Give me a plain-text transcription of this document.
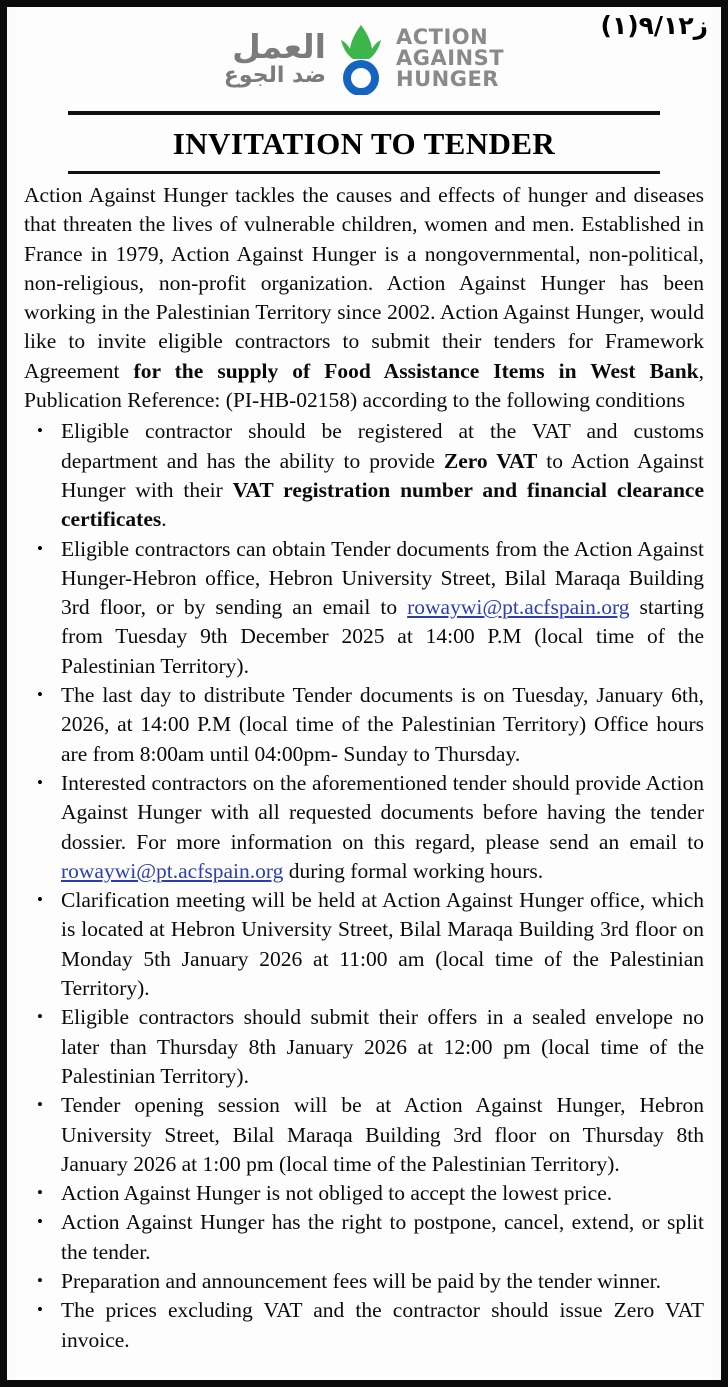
ز٩/١٢(١)
العمل
ضد الجوع
ACTION
AGAINST
HUNGER
INVITATION TO TENDER

Action Against Hunger tackles the causes and effects of hunger and diseases that threaten the lives of vulnerable children, women and men. Established in France in 1979, Action Against Hunger is a nongovernmental, non-political, non-religious, non-profit organization. Action Against Hunger has been working in the Palestinian Territory since 2002. Action Against Hunger, would like to invite eligible contractors to submit their tenders for Framework Agreement for the supply of Food Assistance Items in West Bank, Publication Reference: (PI-HB-02158) according to the following conditions

• Eligible contractor should be registered at the VAT and customs department and has the ability to provide Zero VAT to Action Against Hunger with their VAT registration number and financial clearance certificates.
• Eligible contractors can obtain Tender documents from the Action Against Hunger-Hebron office, Hebron University Street, Bilal Maraqa Building 3rd floor, or by sending an email to rowaywi@pt.acfspain.org starting from Tuesday 9th December 2025 at 14:00 P.M (local time of the Palestinian Territory).
• The last day to distribute Tender documents is on Tuesday, January 6th, 2026, at 14:00 P.M (local time of the Palestinian Territory) Office hours are from 8:00am until 04:00pm- Sunday to Thursday.
• Interested contractors on the aforementioned tender should provide Action Against Hunger with all requested documents before having the tender dossier. For more information on this regard, please send an email to rowaywi@pt.acfspain.org during formal working hours.
• Clarification meeting will be held at Action Against Hunger office, which is located at Hebron University Street, Bilal Maraqa Building 3rd floor on Monday 5th January 2026 at 11:00 am (local time of the Palestinian Territory).
• Eligible contractors should submit their offers in a sealed envelope no later than Thursday 8th January 2026 at 12:00 pm (local time of the Palestinian Territory).
• Tender opening session will be at Action Against Hunger, Hebron University Street, Bilal Maraqa Building 3rd floor on Thursday 8th January 2026 at 1:00 pm (local time of the Palestinian Territory).
• Action Against Hunger is not obliged to accept the lowest price.
• Action Against Hunger has the right to postpone, cancel, extend, or split the tender.
• Preparation and announcement fees will be paid by the tender winner.
• The prices excluding VAT and the contractor should issue Zero VAT invoice.
